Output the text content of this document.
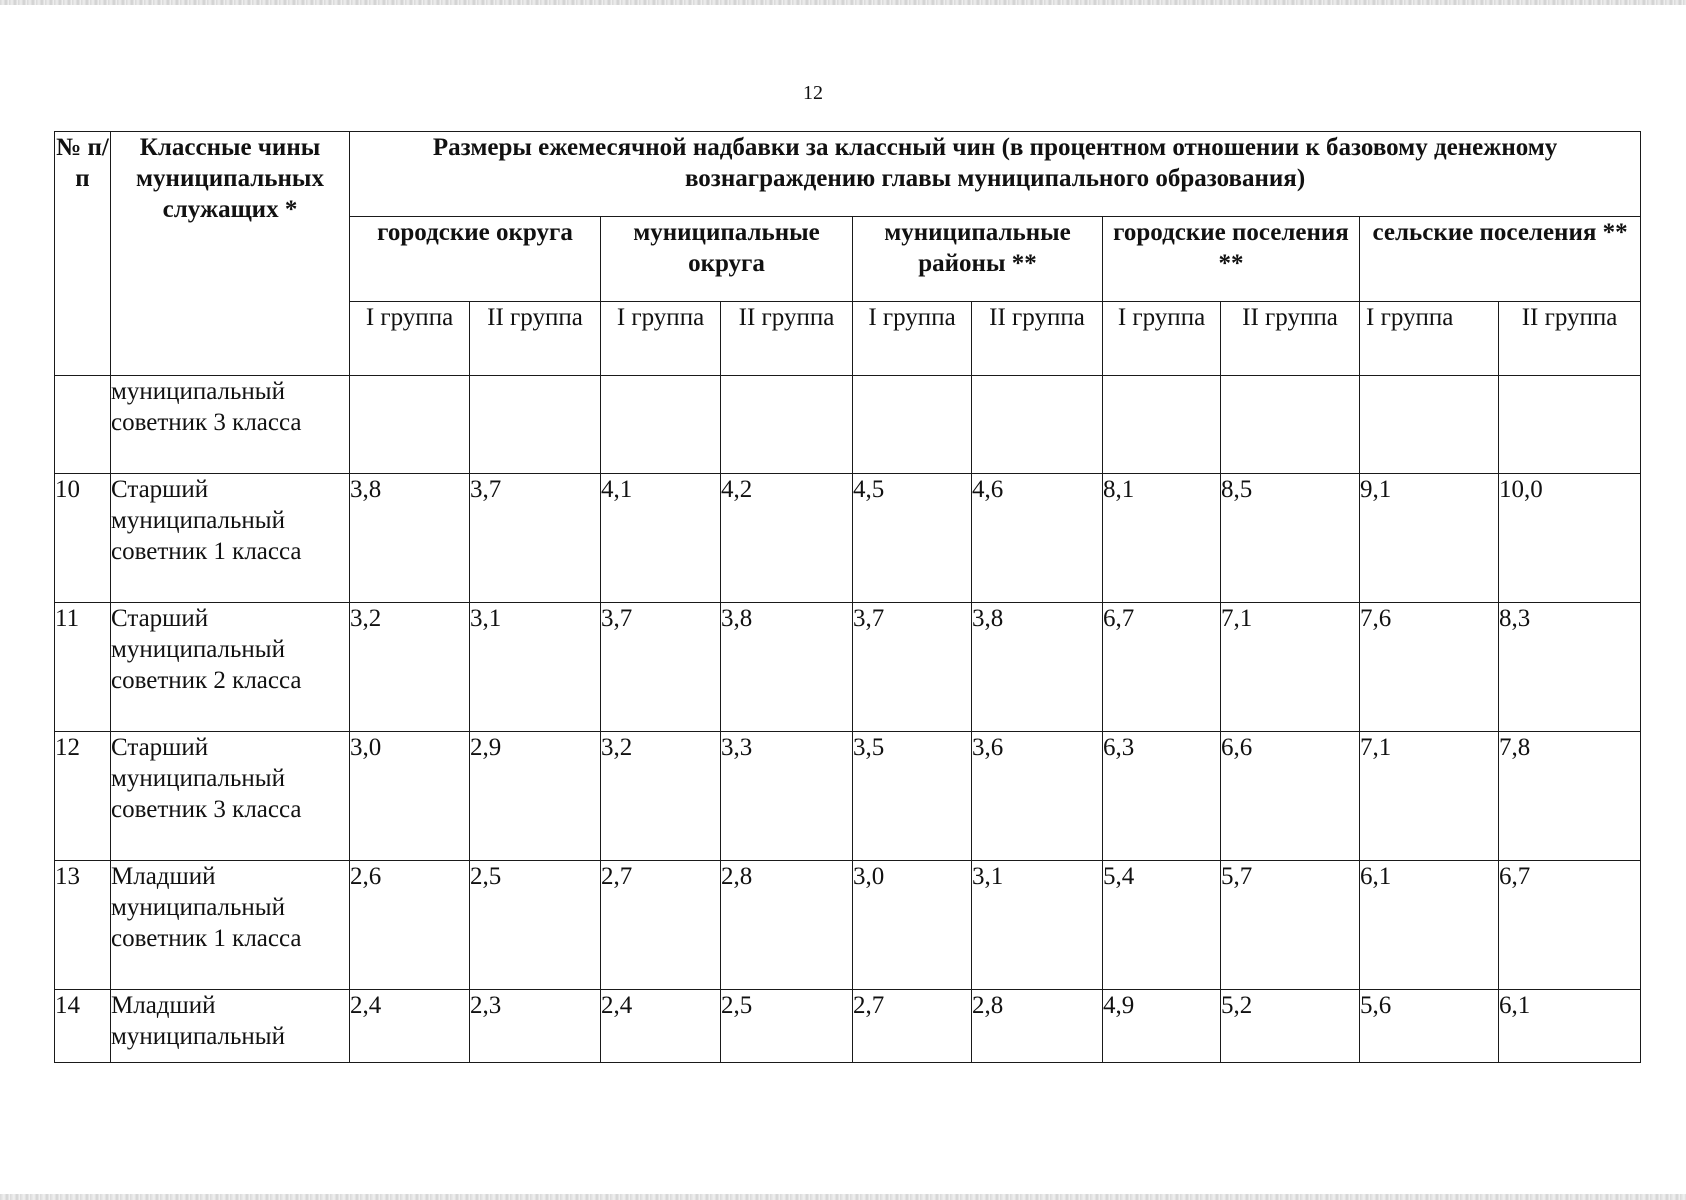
12
№ п/п	Классные чины муниципальных служащих *	Размеры ежемесячной надбавки за классный чин (в процентном отношении к базовому денежному вознаграждению главы муниципального образования)									
		городские округа		муниципальные округа		муниципальные районы **		городские поселения **		сельские поселения **	
		I группа	II группа	I группа	II группа	I группа	II группа	I группа	II группа	I группа	II группа
	муниципальный советник 3 класса										
10	Старший муниципальный советник 1 класса	3,8	3,7	4,1	4,2	4,5	4,6	8,1	8,5	9,1	10,0
11	Старший муниципальный советник 2 класса	3,2	3,1	3,7	3,8	3,7	3,8	6,7	7,1	7,6	8,3
12	Старший муниципальный советник 3 класса	3,0	2,9	3,2	3,3	3,5	3,6	6,3	6,6	7,1	7,8
13	Младший муниципальный советник 1 класса	2,6	2,5	2,7	2,8	3,0	3,1	5,4	5,7	6,1	6,7
14	Младший муниципальный	2,4	2,3	2,4	2,5	2,7	2,8	4,9	5,2	5,6	6,1
